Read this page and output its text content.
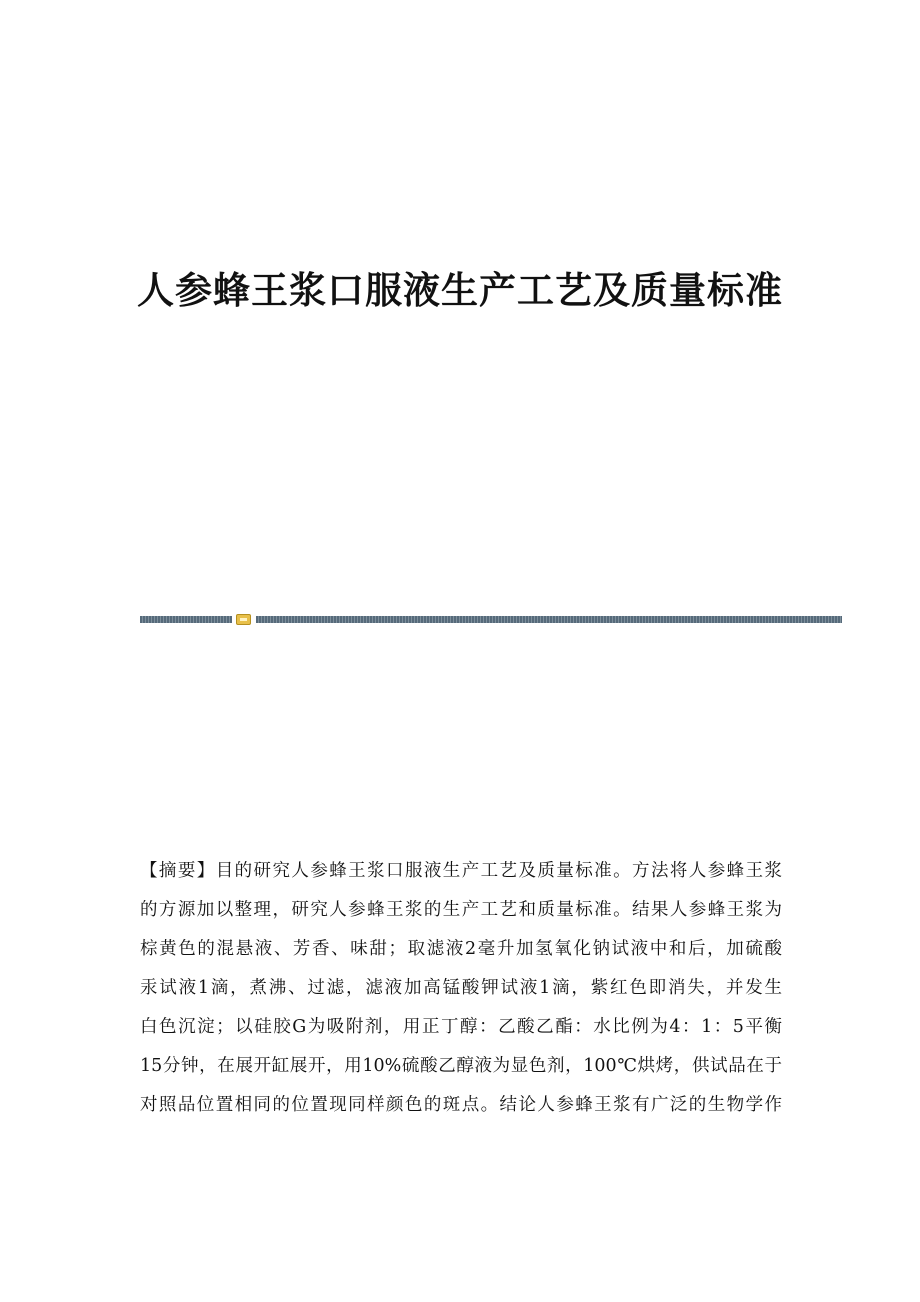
人参蜂王浆口服液生产工艺及质量标准
【摘要】目的研究人参蜂王浆口服液生产工艺及质量标准。方法将人参蜂王浆
的方源加以整理，研究人参蜂王浆的生产工艺和质量标准。结果人参蜂王浆为
棕黄色的混悬液、芳香、味甜；取滤液2毫升加氢氧化钠试液中和后，加硫酸
汞试液1滴，煮沸、过滤，滤液加高锰酸钾试液1滴，紫红色即消失，并发生
白色沉淀；以硅胶G为吸附剂，用正丁醇：乙酸乙酯：水比例为4：1：5平衡
15分钟，在展开缸展开，用10%硫酸乙醇液为显色剂，100℃烘烤，供试品在于
对照品位置相同的位置现同样颜色的斑点。结论人参蜂王浆有广泛的生物学作
